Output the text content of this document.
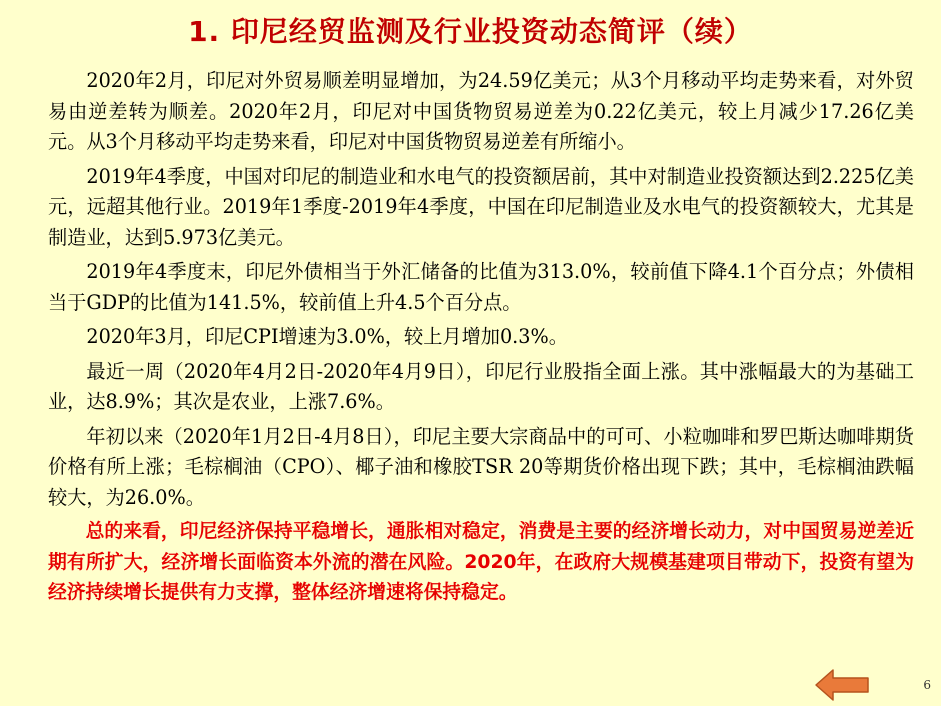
1. 印尼经贸监测及行业投资动态简评（续）

2020年2月，印尼对外贸易顺差明显增加，为24.59亿美元；从3个月移动平均走势来看，对外贸易由逆差转为顺差。2020年2月，印尼对中国货物贸易逆差为0.22亿美元，较上月减少17.26亿美元。从3个月移动平均走势来看，印尼对中国货物贸易逆差有所缩小。

2019年4季度，中国对印尼的制造业和水电气的投资额居前，其中对制造业投资额达到2.225亿美元，远超其他行业。2019年1季度-2019年4季度，中国在印尼制造业及水电气的投资额较大，尤其是制造业，达到5.973亿美元。

2019年4季度末，印尼外债相当于外汇储备的比值为313.0%，较前值下降4.1个百分点；外债相当于GDP的比值为141.5%，较前值上升4.5个百分点。

2020年3月，印尼CPI增速为3.0%，较上月增加0.3%。

最近一周（2020年4月2日-2020年4月9日），印尼行业股指全面上涨。其中涨幅最大的为基础工业，达8.9%；其次是农业，上涨7.6%。

年初以来（2020年1月2日-4月8日），印尼主要大宗商品中的可可、小粒咖啡和罗巴斯达咖啡期货价格有所上涨；毛棕榈油（CPO）、椰子油和橡胶TSR 20等期货价格出现下跌；其中，毛棕榈油跌幅较大，为26.0%。

总的来看，印尼经济保持平稳增长，通胀相对稳定，消费是主要的经济增长动力，对中国贸易逆差近期有所扩大，经济增长面临资本外流的潜在风险。2020年，在政府大规模基建项目带动下，投资有望为经济持续增长提供有力支撑，整体经济增速将保持稳定。

6
